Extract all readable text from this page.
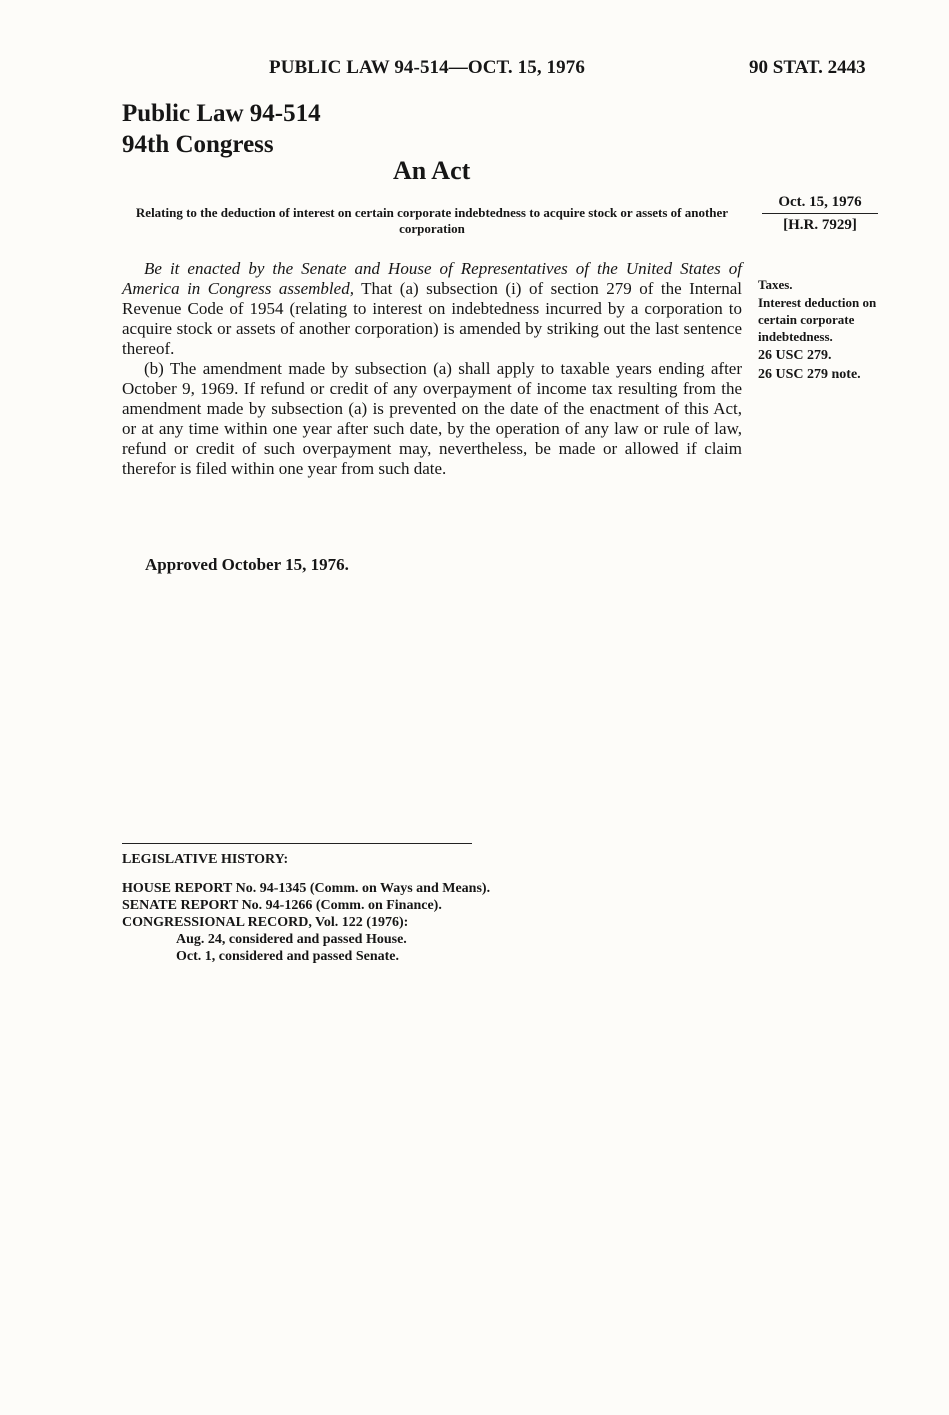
PUBLIC LAW 94-514—OCT. 15, 1976	90 STAT. 2443
Public Law 94-514
94th Congress
An Act
Relating to the deduction of interest on certain corporate indebtedness to acquire stock or assets of another corporation
Oct. 15, 1976
[H.R. 7929]

Be it enacted by the Senate and House of Representatives of the United States of America in Congress assembled, That (a) subsection (i) of section 279 of the Internal Revenue Code of 1954 (relating to interest on indebtedness incurred by a corporation to acquire stock or assets of another corporation) is amended by striking out the last sentence thereof.

(b) The amendment made by subsection (a) shall apply to taxable years ending after October 9, 1969. If refund or credit of any overpayment of income tax resulting from the amendment made by subsection (a) is prevented on the date of the enactment of this Act, or at any time within one year after such date, by the operation of any law or rule of law, refund or credit of such overpayment may, nevertheless, be made or allowed if claim therefor is filed within one year from such date.

Taxes.
Interest deduction on certain corporate indebtedness.
26 USC 279.
26 USC 279 note.
Approved October 15, 1976.
LEGISLATIVE HISTORY:
HOUSE REPORT No. 94-1345 (Comm. on Ways and Means).
SENATE REPORT No. 94-1266 (Comm. on Finance).
CONGRESSIONAL RECORD, Vol. 122 (1976):
Aug. 24, considered and passed House.
Oct. 1, considered and passed Senate.
